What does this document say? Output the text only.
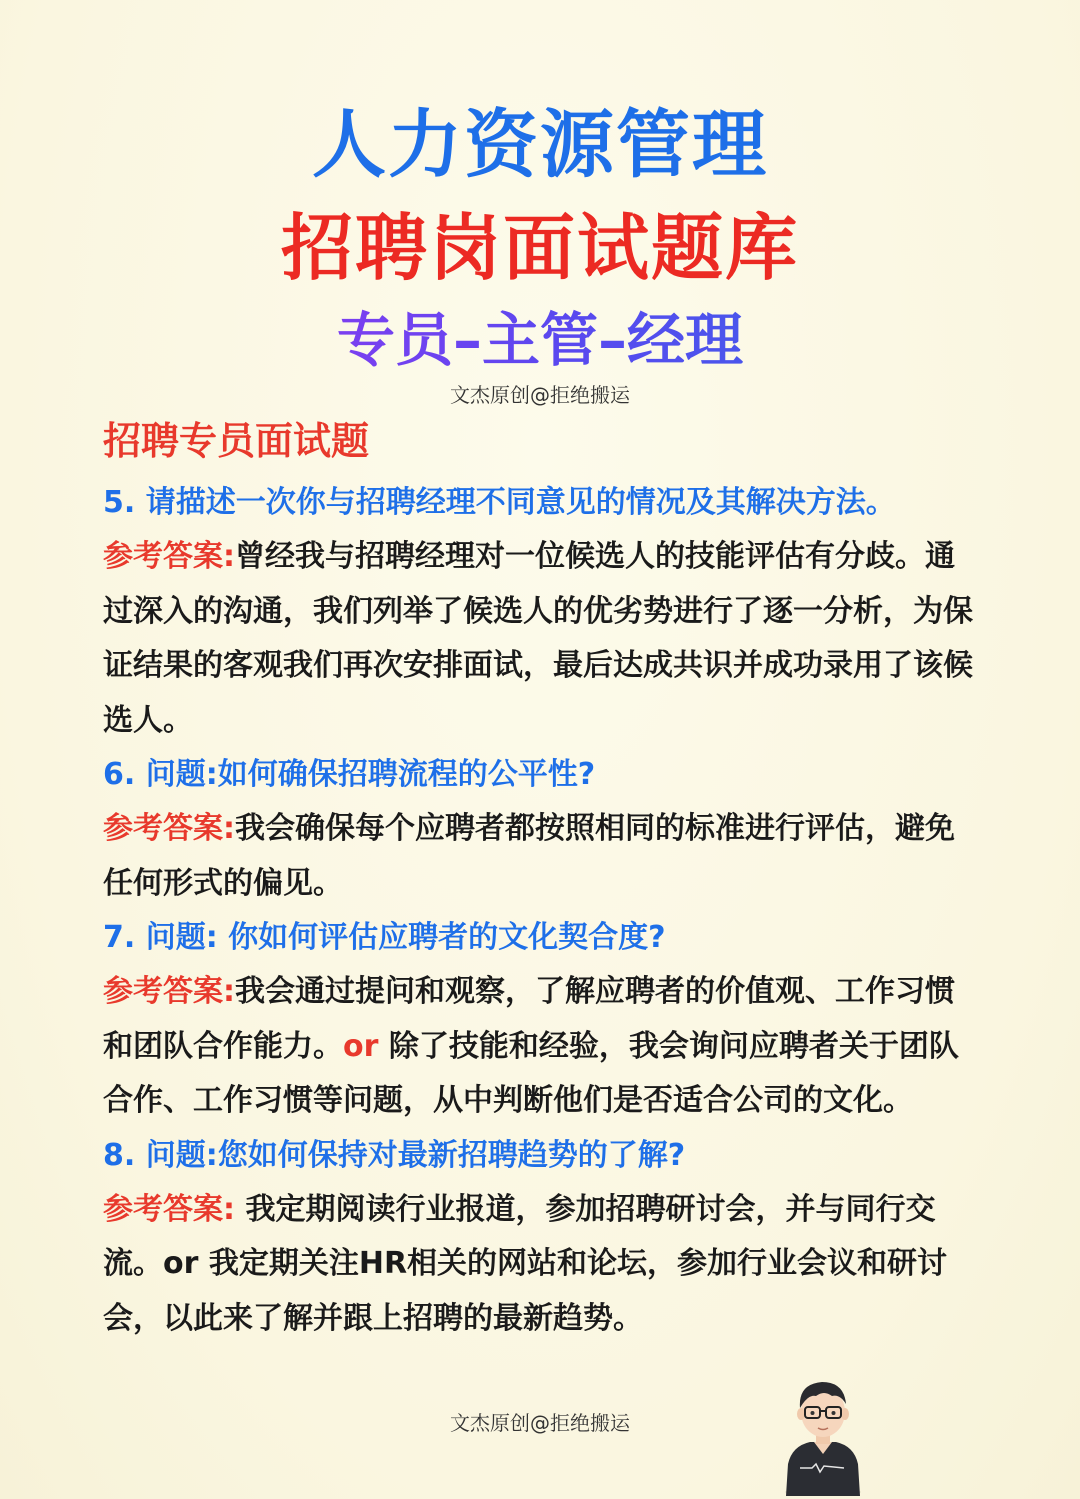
人力资源管理
招聘岗面试题库
专员–主管–经理
文杰原创@拒绝搬运
招聘专员面试题
5. 请描述一次你与招聘经理不同意见的情况及其解决方法。
参考答案:曾经我与招聘经理对一位候选人的技能评估有分歧。通过深入的沟通，我们列举了候选人的优劣势进行了逐一分析，为保证结果的客观我们再次安排面试，最后达成共识并成功录用了该候选人。
6. 问题:如何确保招聘流程的公平性?
参考答案:我会确保每个应聘者都按照相同的标准进行评估，避免任何形式的偏见。
7. 问题: 你如何评估应聘者的文化契合度?
参考答案:我会通过提问和观察，了解应聘者的价值观、工作习惯和团队合作能力。or 除了技能和经验，我会询问应聘者关于团队合作、工作习惯等问题，从中判断他们是否适合公司的文化。
8. 问题:您如何保持对最新招聘趋势的了解?
参考答案: 我定期阅读行业报道，参加招聘研讨会，并与同行交流。or 我定期关注HR相关的网站和论坛，参加行业会议和研讨会，以此来了解并跟上招聘的最新趋势。
文杰原创@拒绝搬运
